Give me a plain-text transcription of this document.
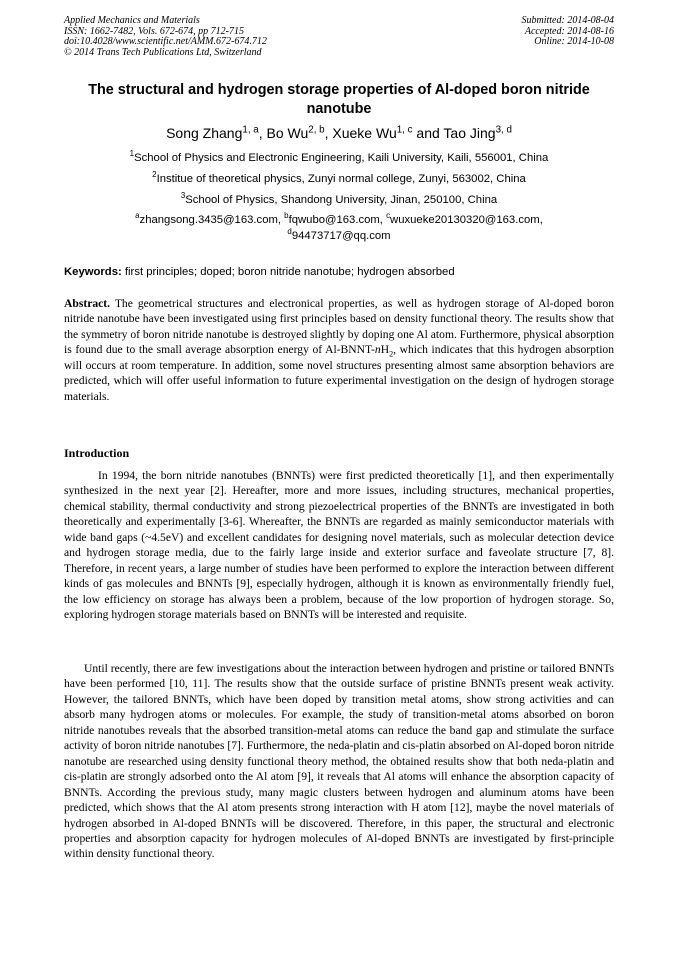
Applied Mechanics and Materials
ISSN: 1662-7482, Vols. 672-674, pp 712-715
doi:10.4028/www.scientific.net/AMM.672-674.712
© 2014 Trans Tech Publications Ltd, Switzerland
Submitted: 2014-08-04
Accepted: 2014-08-16
Online: 2014-10-08
The structural and hydrogen storage properties of Al-doped boron nitride nanotube
Song Zhang$^{1, a}$, Bo Wu$^{2, b}$, Xueke Wu$^{1, c}$ and Tao Jing$^{3, d}$
$^1$School of Physics and Electronic Engineering, Kaili University, Kaili, 556001, China
$^2$Institue of theoretical physics, Zunyi normal college, Zunyi, 563002, China
$^3$School of Physics, Shandong University, Jinan, 250100, China
$^a$zhangsong.3435@163.com, $^b$fqwubo@163.com, $^c$wuxueke20130320@163.com,
$^d$94473717@qq.com
Keywords: first principles; doped; boron nitride nanotube; hydrogen absorbed

Abstract. The geometrical structures and electronical properties, as well as hydrogen storage of Al-doped boron nitride nanotube have been investigated using first principles based on density functional theory. The results show that the symmetry of boron nitride nanotube is destroyed slightly by doping one Al atom. Furthermore, physical absorption is found due to the small average absorption energy of $Al-BNNT-nH_2$, which indicates that this hydrogen absorption will occurs at room temperature. In addition, some novel structures presenting almost same absorption behaviors are predicted, which will offer useful information to future experimental investigation on the design of hydrogen storage materials.

Introduction

In 1994, the born nitride nanotubes (BNNTs) were first predicted theoretically [1], and then experimentally synthesized in the next year [2]. Hereafter, more and more issues, including structures, mechanical properties, chemical stability, thermal conductivity and strong piezoelectrical properties of the BNNTs are investigated in both theoretically and experimentally [3-6]. Whereafter, the BNNTs are regarded as mainly semiconductor materials with wide band gaps (~4.5eV) and excellent candidates for designing novel materials, such as molecular detection device and hydrogen storage media, due to the fairly large inside and exterior surface and faveolate structure [7, 8]. Therefore, in recent years, a large number of studies have been performed to explore the interaction between different kinds of gas molecules and BNNTs [9], especially hydrogen, although it is known as environmentally friendly fuel, the low efficiency on storage has always been a problem, because of the low proportion of hydrogen storage. So, exploring hydrogen storage materials based on BNNTs will be interested and requisite.

Until recently, there are few investigations about the interaction between hydrogen and pristine or tailored BNNTs have been performed [10, 11]. The results show that the outside surface of pristine BNNTs present weak activity. However, the tailored BNNTs, which have been doped by transition metal atoms, show strong activities and can absorb many hydrogen atoms or molecules. For example, the study of transition-metal atoms absorbed on boron nitride nanotubes reveals that the absorbed transition-metal atoms can reduce the band gap and stimulate the surface activity of boron nitride nanotubes [7]. Furthermore, the neda-platin and cis-platin absorbed on Al-doped boron nitride nanotube are researched using density functional theory method, the obtained results show that both neda-platin and cis-platin are strongly adsorbed onto the Al atom [9], it reveals that Al atoms will enhance the absorption capacity of BNNTs. According the previous study, many magic clusters between hydrogen and aluminum atoms have been predicted, which shows that the Al atom presents strong interaction with H atom [12], maybe the novel materials of hydrogen absorbed in Al-doped BNNTs will be discovered. Therefore, in this paper, the structural and electronic properties and absorption capacity for hydrogen molecules of Al-doped BNNTs are investigated by first-principle within density functional theory.
